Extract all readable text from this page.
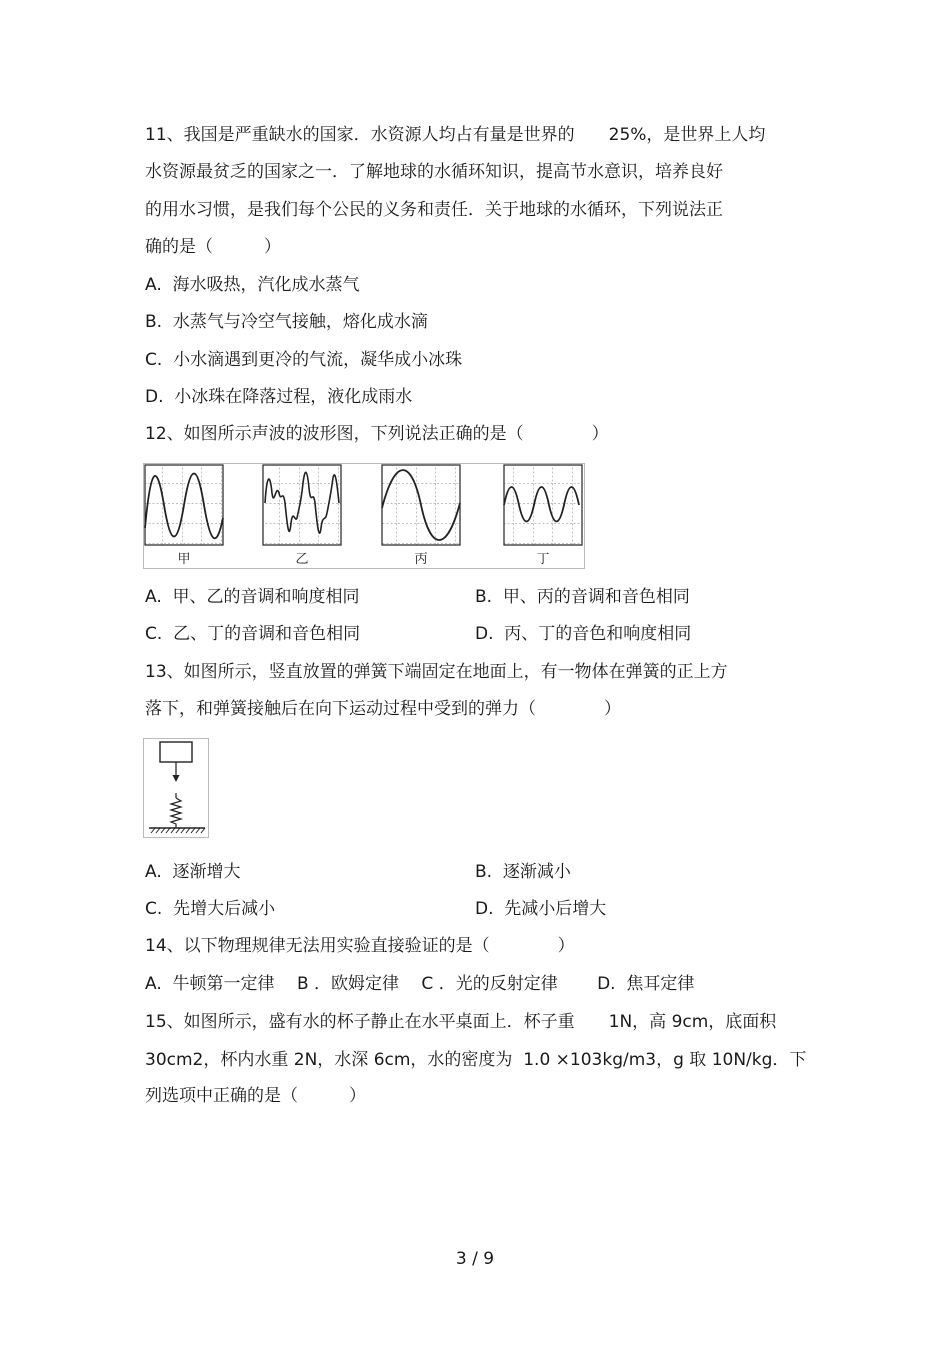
11、我国是严重缺水的国家．水资源人均占有量是世界的　　25%，是世界上人均
水资源最贫乏的国家之一．了解地球的水循环知识，提高节水意识，培养良好
的用水习惯，是我们每个公民的义务和责任．关于地球的水循环，下列说法正
确的是（　　　）
A.  海水吸热，汽化成水蒸气
B.  水蒸气与冷空气接触，熔化成水滴
C.  小水滴遇到更冷的气流，凝华成小冰珠
D.  小冰珠在降落过程，液化成雨水
12、如图所示声波的波形图，下列说法正确的是（　　　　）
甲	乙	丙	丁
A.  甲、乙的音调和响度相同	B.  甲、丙的音调和音色相同
C.  乙、丁的音调和音色相同	D.  丙、丁的音色和响度相同
13、如图所示，竖直放置的弹簧下端固定在地面上，有一物体在弹簧的正上方
落下，和弹簧接触后在向下运动过程中受到的弹力（　　　　）
A.  逐渐增大	B.  逐渐减小
C.  先增大后减小	D.  先减小后增大
14、以下物理规律无法用实验直接验证的是（　　　　）
A.  牛顿第一定律　 B ．欧姆定律　 C ．光的反射定律　　 D.  焦耳定律
15、如图所示，盛有水的杯子静止在水平桌面上．杯子重　　1N，高 9cm，底面积
30cm2，杯内水重 2N，水深 6cm，水的密度为  1.0 ×103kg/m3，g 取 10N/kg．下
列选项中正确的是（　　　）
3 / 9
